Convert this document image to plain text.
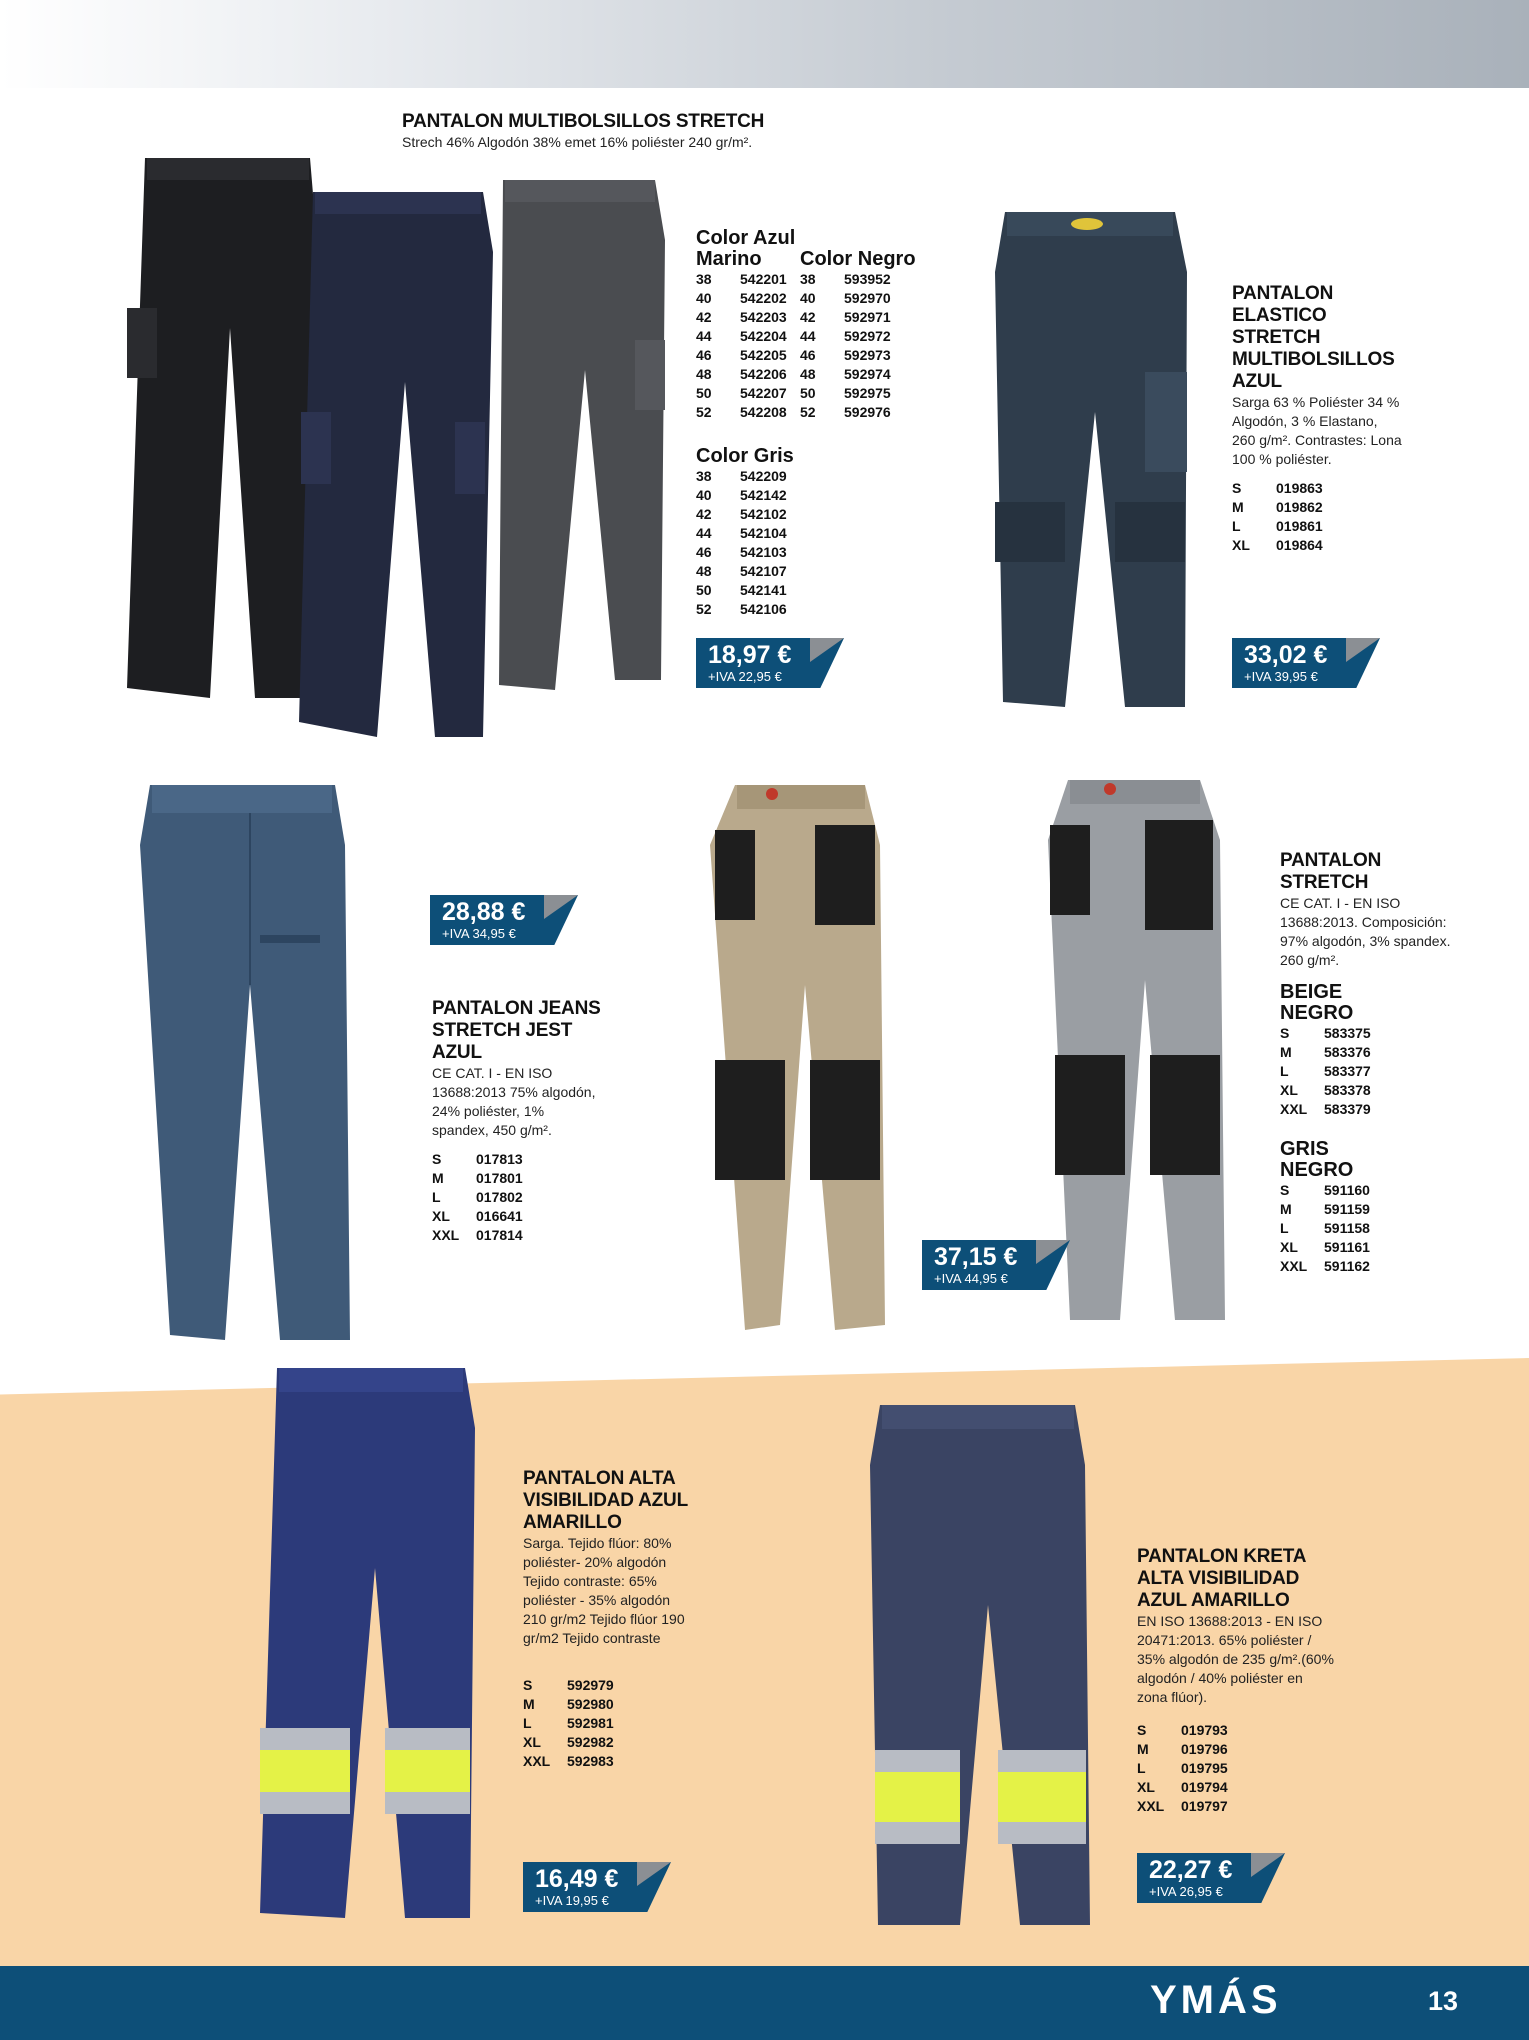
PANTALON MULTIBOLSILLOS STRETCH
Strech 46% Algodón 38% emet 16% poliéster 240 gr/m².
Color Azul Marino
38	542201
40	542202
42	542203
44	542204
46	542205
48	542206
50	542207
52	542208
Color Negro
38	593952
40	592970
42	592971
44	592972
46	592973
48	592974
50	592975
52	592976
Color Gris
38	542209
40	542142
42	542102
44	542104
46	542103
48	542107
50	542141
52	542106
18,97 €
+IVA 22,95 €
PANTALON ELASTICO STRETCH MULTIBOLSILLOS AZUL
Sarga 63 % Poliéster 34 % Algodón, 3 % Elastano, 260 g/m². Contrastes: Lona 100 % poliéster.
S	019863
M	019862
L	019861
XL	019864
33,02 €
+IVA 39,95 €
28,88 €
+IVA 34,95 €
PANTALON JEANS STRETCH JEST AZUL
CE CAT. I - EN ISO 13688:2013 75% algodón, 24% poliéster, 1% spandex, 450 g/m².
S	017813
M	017801
L	017802
XL	016641
XXL	017814
37,15 €
+IVA 44,95 €
PANTALON STRETCH
CE CAT. I - EN ISO 13688:2013. Composición: 97% algodón, 3% spandex. 260 g/m².
BEIGE NEGRO
S	583375
M	583376
L	583377
XL	583378
XXL	583379
GRIS NEGRO
S	591160
M	591159
L	591158
XL	591161
XXL	591162
PANTALON ALTA VISIBILIDAD AZUL AMARILLO
Sarga. Tejido flúor: 80% poliéster- 20% algodón Tejido contraste: 65% poliéster - 35% algodón 210 gr/m2 Tejido flúor 190 gr/m2 Tejido contraste
S	592979
M	592980
L	592981
XL	592982
XXL	592983
16,49 €
+IVA 19,95 €
PANTALON KRETA ALTA VISIBILIDAD AZUL AMARILLO
EN ISO 13688:2013 - EN ISO 20471:2013. 65% poliéster / 35% algodón de 235 g/m².(60% algodón / 40% poliéster en zona flúor).
S	019793
M	019796
L	019795
XL	019794
XXL	019797
22,27 €
+IVA 26,95 €
YMÁS	13
